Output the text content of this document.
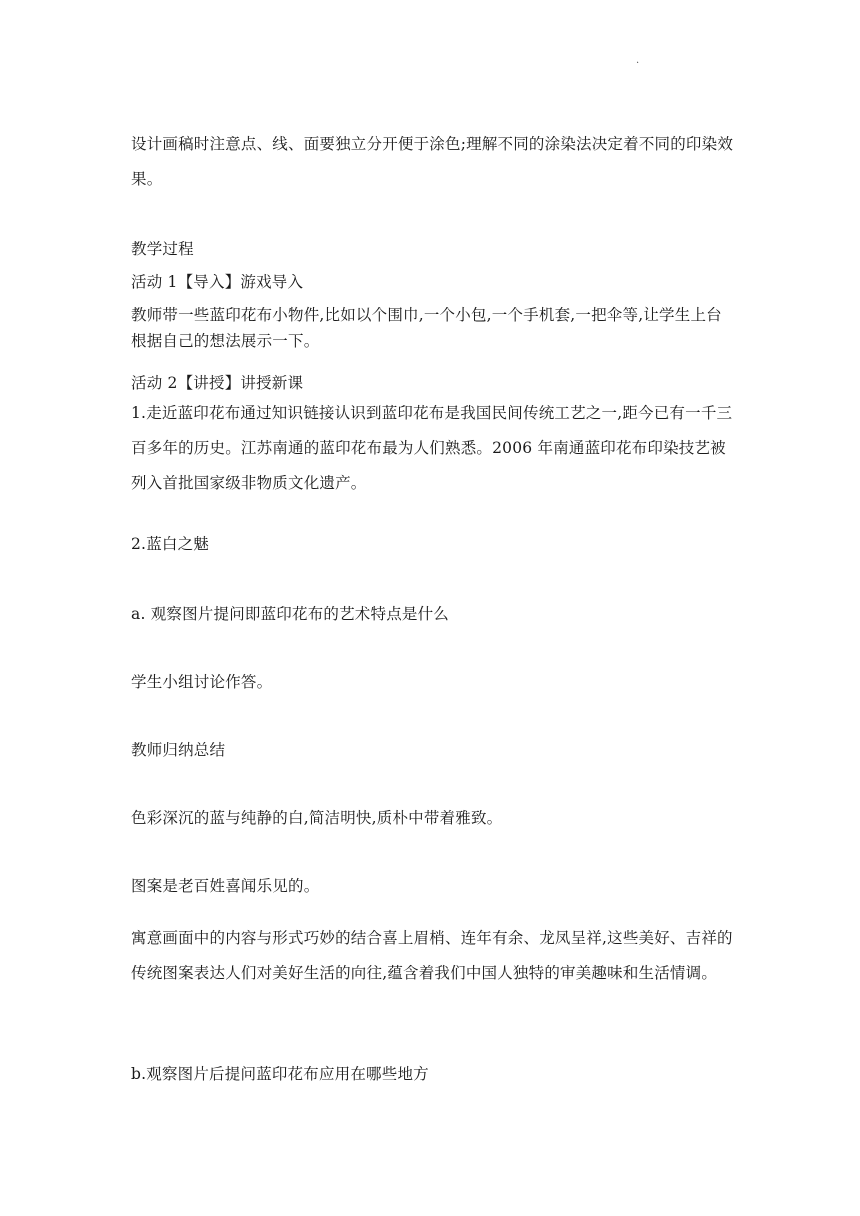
.

设计画稿时注意点、线、面要独立分开便于涂色;理解不同的涂染法决定着不同的印染效果。

教学过程

活动 1【导入】游戏导入

教师带一些蓝印花布小物件,比如以个围巾,一个小包,一个手机套,一把伞等,让学生上台根据自己的想法展示一下。

活动 2【讲授】讲授新课

1.走近蓝印花布通过知识链接认识到蓝印花布是我国民间传统工艺之一,距今已有一千三百多年的历史。江苏南通的蓝印花布最为人们熟悉。2006 年南通蓝印花布印染技艺被列入首批国家级非物质文化遗产。

2.蓝白之魅

a. 观察图片提问即蓝印花布的艺术特点是什么

学生小组讨论作答。

教师归纳总结

色彩深沉的蓝与纯静的白,简洁明快,质朴中带着雅致。

图案是老百姓喜闻乐见的。

寓意画面中的内容与形式巧妙的结合喜上眉梢、连年有余、龙凤呈祥,这些美好、吉祥的传统图案表达人们对美好生活的向往,蕴含着我们中国人独特的审美趣味和生活情调。

b.观察图片后提问蓝印花布应用在哪些地方
